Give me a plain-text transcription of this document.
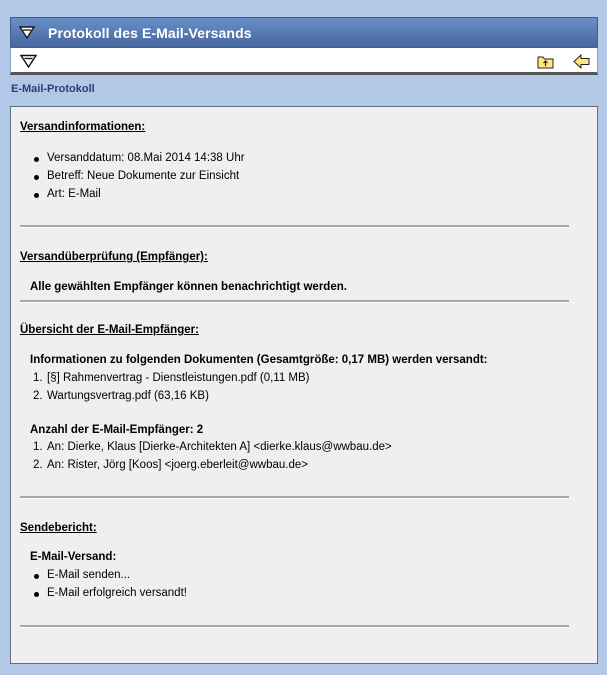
Protokoll des E-Mail-Versands
E-Mail-Protokoll
Versandinformationen:
Versanddatum: 08.Mai 2014 14:38 Uhr
Betreff: Neue Dokumente zur Einsicht
Art: E-Mail
Versandüberprüfung (Empfänger):
Alle gewählten Empfänger können benachrichtigt werden.
Übersicht der E-Mail-Empfänger:
Informationen zu folgenden Dokumenten (Gesamtgröße: 0,17 MB) werden versandt:
1. [§] Rahmenvertrag - Dienstleistungen.pdf (0,11 MB)
2. Wartungsvertrag.pdf (63,16 KB)
Anzahl der E-Mail-Empfänger: 2
1. An: Dierke, Klaus [Dierke-Architekten A] <dierke.klaus@wwbau.de>
2. An: Rister, Jörg [Koos] <joerg.eberleit@wwbau.de>
Sendebericht:
E-Mail-Versand:
E-Mail senden...
E-Mail erfolgreich versandt!
